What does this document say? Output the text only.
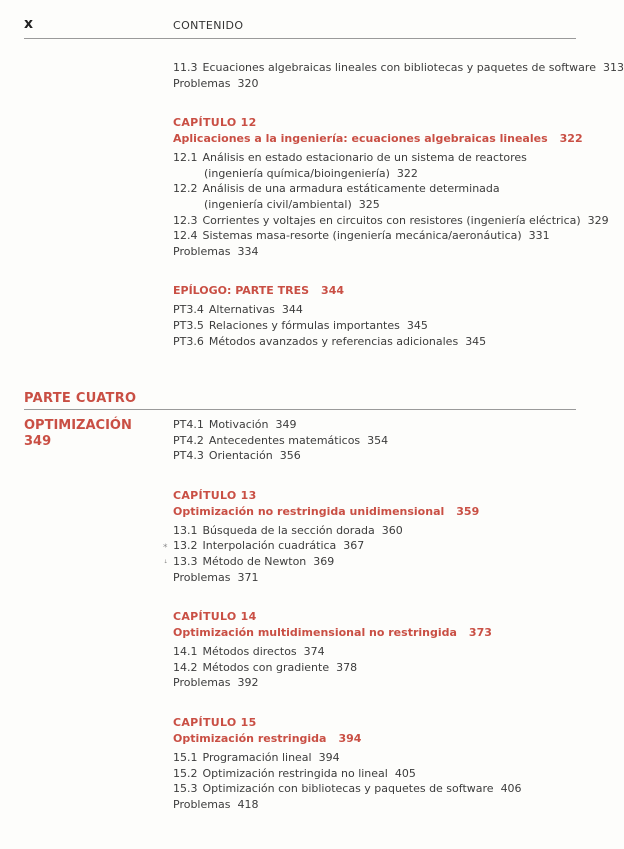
x	CONTENIDO
11.3 Ecuaciones algebraicas lineales con bibliotecas y paquetes de software 313
Problemas 320
CAPÍTULO 12
Aplicaciones a la ingeniería: ecuaciones algebraicas lineales 322
12.1 Análisis en estado estacionario de un sistema de reactores
(ingeniería química/bioingeniería) 322
12.2 Análisis de una armadura estáticamente determinada
(ingeniería civil/ambiental) 325
12.3 Corrientes y voltajes en circuitos con resistores (ingeniería eléctrica) 329
12.4 Sistemas masa-resorte (ingeniería mecánica/aeronáutica) 331
Problemas 334
EPÍLOGO: PARTE TRES 344
PT3.4 Alternativas 344
PT3.5 Relaciones y fórmulas importantes 345
PT3.6 Métodos avanzados y referencias adicionales 345
PARTE CUATRO
OPTIMIZACIÓN
349
PT4.1 Motivación 349
PT4.2 Antecedentes matemáticos 354
PT4.3 Orientación 356
CAPÍTULO 13
Optimización no restringida unidimensional 359
13.1 Búsqueda de la sección dorada 360
13.2 Interpolación cuadrática 367
13.3 Método de Newton 369
Problemas 371
CAPÍTULO 14
Optimización multidimensional no restringida 373
14.1 Métodos directos 374
14.2 Métodos con gradiente 378
Problemas 392
CAPÍTULO 15
Optimización restringida 394
15.1 Programación lineal 394
15.2 Optimización restringida no lineal 405
15.3 Optimización con bibliotecas y paquetes de software 406
Problemas 418
*
ꜜ
